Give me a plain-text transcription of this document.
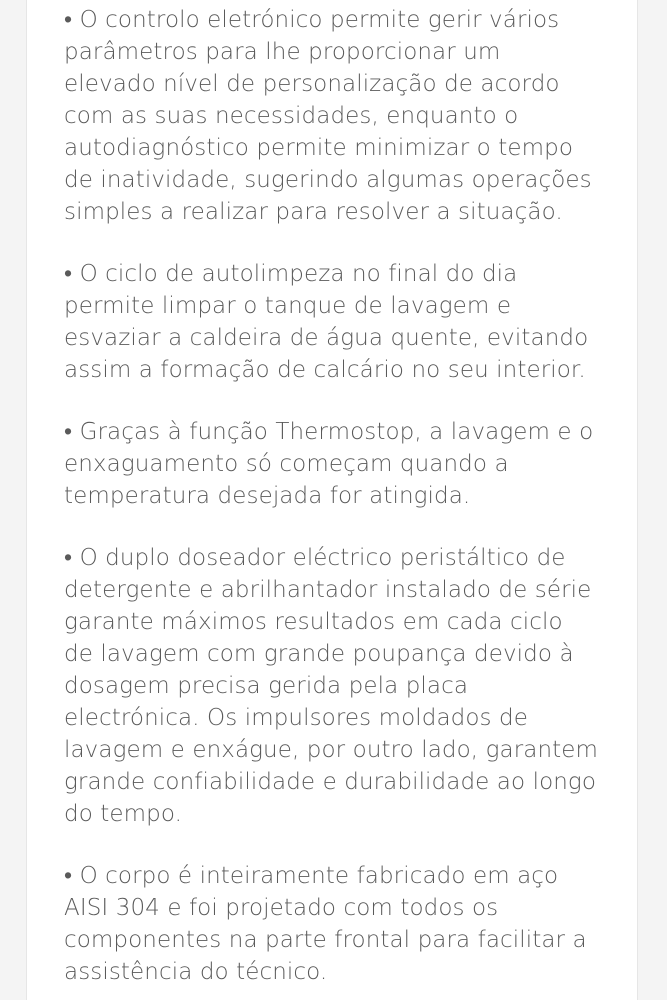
• O controlo eletrónico permite gerir vários
parâmetros para lhe proporcionar um
elevado nível de personalização de acordo
com as suas necessidades, enquanto o
autodiagnóstico permite minimizar o tempo
de inatividade, sugerindo algumas operações
simples a realizar para resolver a situação.

• O ciclo de autolimpeza no final do dia
permite limpar o tanque de lavagem e
esvaziar a caldeira de água quente, evitando
assim a formação de calcário no seu interior.

• Graças à função Thermostop, a lavagem e o
enxaguamento só começam quando a
temperatura desejada for atingida.

• O duplo doseador eléctrico peristáltico de
detergente e abrilhantador instalado de série
garante máximos resultados em cada ciclo
de lavagem com grande poupança devido à
dosagem precisa gerida pela placa
electrónica. Os impulsores moldados de
lavagem e enxágue, por outro lado, garantem
grande confiabilidade e durabilidade ao longo
do tempo.

• O corpo é inteiramente fabricado em aço
AISI 304 e foi projetado com todos os
componentes na parte frontal para facilitar a
assistência do técnico.
